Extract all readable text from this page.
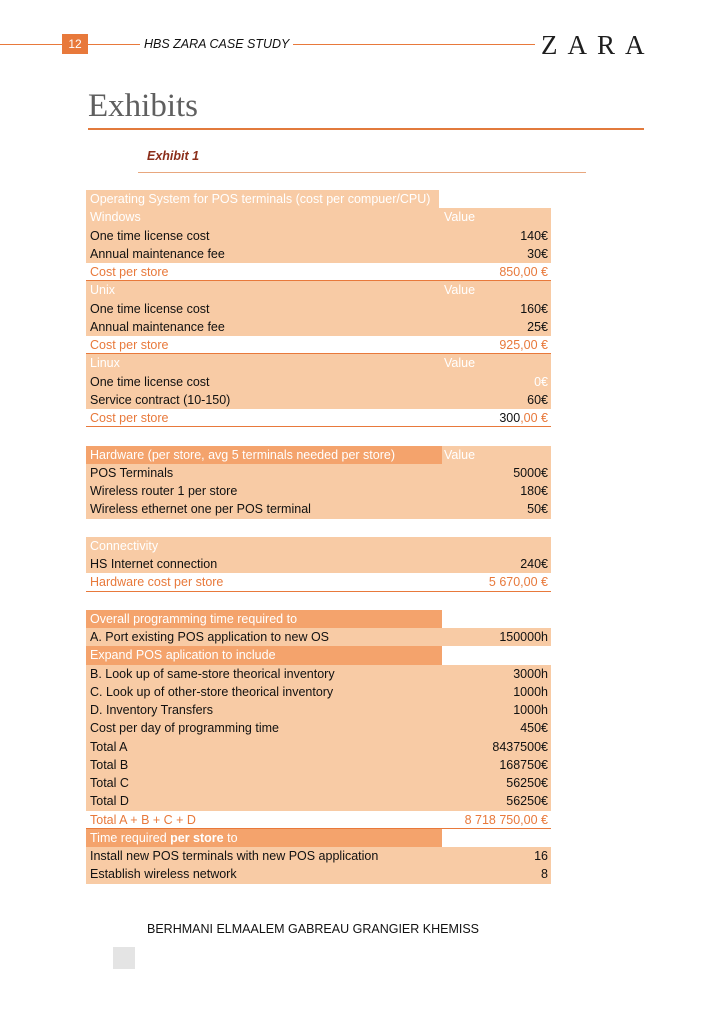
12	HBS ZARA CASE STUDY	ZARA
Exhibits
Exhibit 1
Operating System for POS terminals (cost per compuer/CPU)
Windows	Value
One time license cost	140€
Annual maintenance fee	30€
Cost per store	850,00 €
Unix	Value
One time license cost	160€
Annual maintenance fee	25€
Cost per store	925,00 €
Linux	Value
One time license cost	0€
Service contract (10-150)	60€
Cost per store	300,00 €
Hardware (per store, avg 5 terminals needed per store)	Value
POS Terminals	5000€
Wireless router 1 per store	180€
Wireless ethernet one per POS terminal	50€
Connectivity
HS Internet connection	240€
Hardware cost per store	5 670,00 €
Overall programming time required to
A. Port existing POS application to new OS	150000h
Expand POS aplication to include
B. Look up of same-store theorical inventory	3000h
C. Look up of other-store theorical inventory	1000h
D. Inventory Transfers	1000h
Cost per day of programming time	450€
Total A	8437500€
Total B	168750€
Total C	56250€
Total D	56250€
Total A + B + C + D	8 718 750,00 €
Time required per store to
Install new POS terminals with new POS application	16
Establish wireless network	8
BERHMANI ELMAALEM GABREAU GRANGIER KHEMISS
